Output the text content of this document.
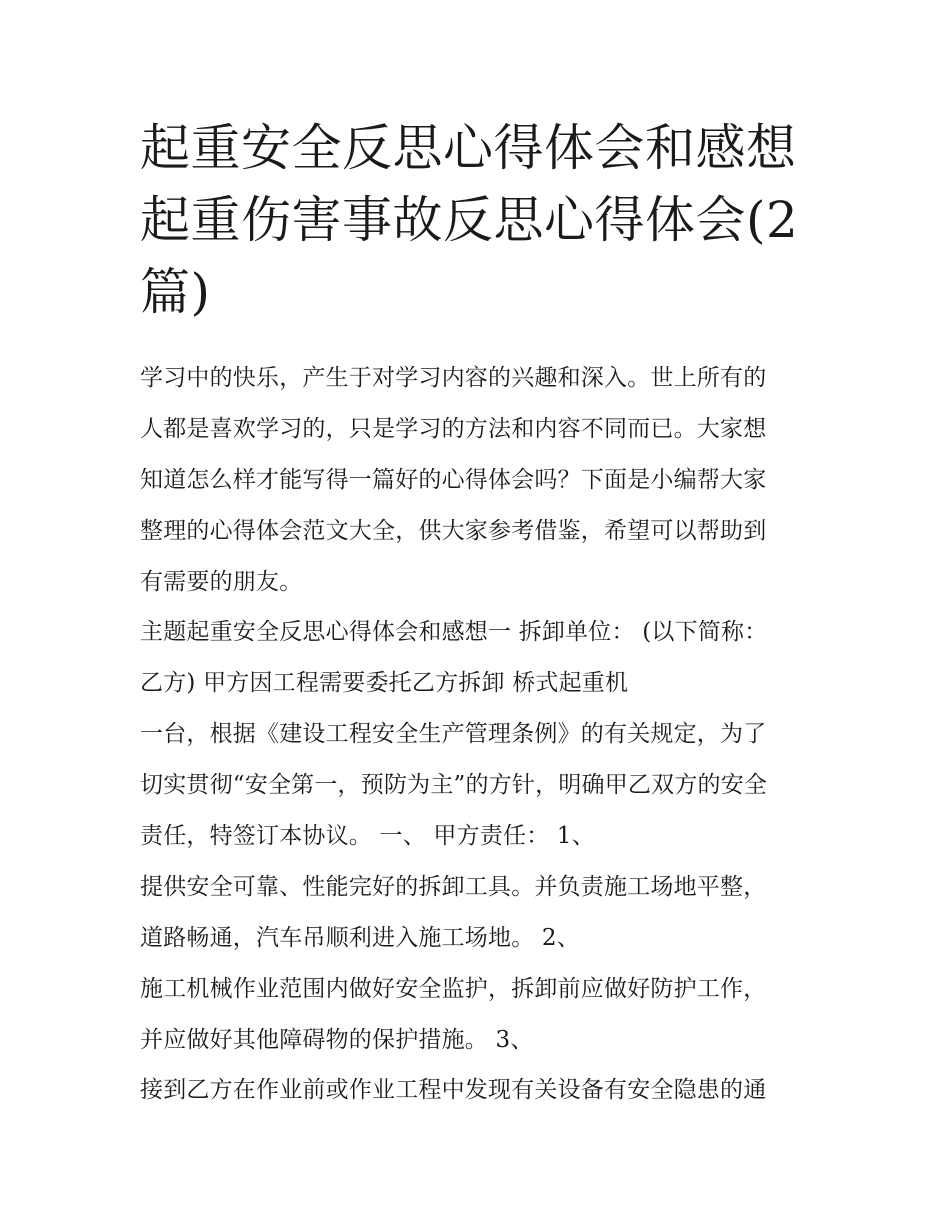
起重安全反思心得体会和感想
起重伤害事故反思心得体会(2
篇)
学习中的快乐，产生于对学习内容的兴趣和深入。世上所有的
人都是喜欢学习的，只是学习的方法和内容不同而已。大家想
知道怎么样才能写得一篇好的心得体会吗？下面是小编帮大家
整理的心得体会范文大全，供大家参考借鉴，希望可以帮助到
有需要的朋友。
主题起重安全反思心得体会和感想一 拆卸单位： (以下简称：
乙方) 甲方因工程需要委托乙方拆卸 桥式起重机
一台，根据《建设工程安全生产管理条例》的有关规定，为了
切实贯彻“安全第一，预防为主”的方针，明确甲乙双方的安全
责任，特签订本协议。 一、 甲方责任： 1、
提供安全可靠、性能完好的拆卸工具。并负责施工场地平整，
道路畅通，汽车吊顺利进入施工场地。 2、
施工机械作业范围内做好安全监护，拆卸前应做好防护工作，
并应做好其他障碍物的保护措施。 3、
接到乙方在作业前或作业工程中发现有关设备有安全隐患的通
